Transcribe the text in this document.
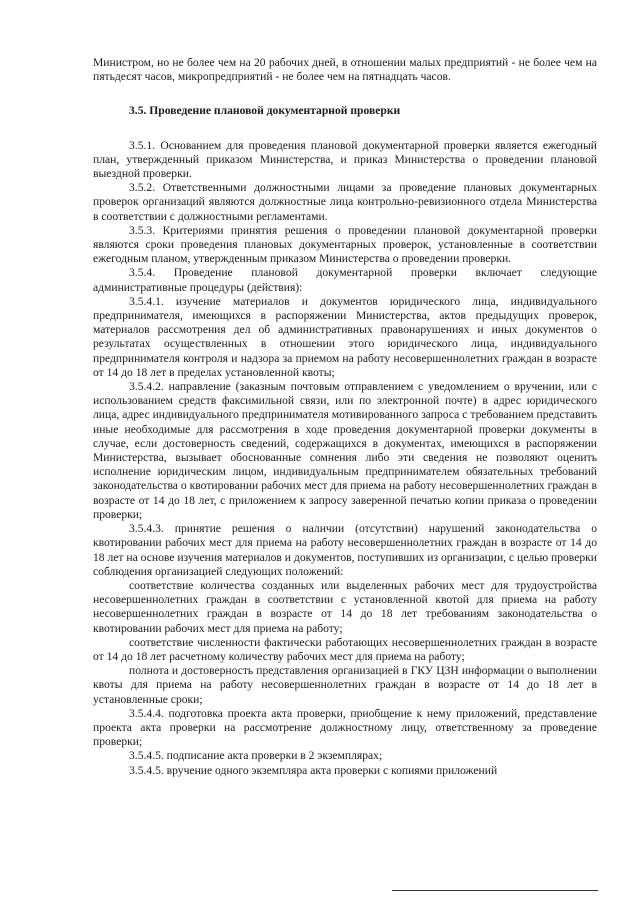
Министром, но не более чем на 20 рабочих дней, в отношении малых предприятий - не более чем на пятьдесят часов, микропредприятий - не более чем на пятнадцать часов.

3.5. Проведение плановой документарной проверки

3.5.1. Основанием для проведения плановой документарной проверки является ежегодный план, утвержденный приказом Министерства, и приказ Министерства о проведении плановой выездной проверки.

3.5.2. Ответственными должностными лицами за проведение плановых документарных проверок организаций являются должностные лица контрольно-ревизионного отдела Министерства в соответствии с должностными регламентами.

3.5.3. Критериями принятия решения о проведении плановой документарной проверки являются сроки проведения плановых документарных проверок, установленные в соответствии ежегодным планом, утвержденным приказом Министерства о проведении проверки.

3.5.4. Проведение плановой документарной проверки включает следующие административные процедуры (действия):

3.5.4.1. изучение материалов и документов юридического лица, индивидуального предпринимателя, имеющихся в распоряжении Министерства, актов предыдущих проверок, материалов рассмотрения дел об административных правонарушениях и иных документов о результатах осуществленных в отношении этого юридического лица, индивидуального предпринимателя контроля и надзора за приемом на работу несовершеннолетних граждан в возрасте от 14 до 18 лет в пределах установленной квоты;

3.5.4.2. направление (заказным почтовым отправлением с уведомлением о вручении, или с использованием средств факсимильной связи, или по электронной почте) в адрес юридического лица, адрес индивидуального предпринимателя мотивированного запроса с требованием представить иные необходимые для рассмотрения в ходе проведения документарной проверки документы в случае, если достоверность сведений, содержащихся в документах, имеющихся в распоряжении Министерства, вызывает обоснованные сомнения либо эти сведения не позволяют оценить исполнение юридическим лицом, индивидуальным предпринимателем обязательных требований законодательства о квотировании рабочих мест для приема на работу несовершеннолетних граждан в возрасте от 14 до 18 лет, с приложением к запросу заверенной печатью копии приказа о проведении проверки;

3.5.4.3. принятие решения о наличии (отсутствии) нарушений законодательства о квотировании рабочих мест для приема на работу несовершеннолетних граждан в возрасте от 14 до 18 лет на основе изучения материалов и документов, поступивших из организации, с целью проверки соблюдения организацией следующих положений:

соответствие количества созданных или выделенных рабочих мест для трудоустройства несовершеннолетних граждан в соответствии с установленной квотой для приема на работу несовершеннолетних граждан в возрасте от 14 до 18 лет требованиям законодательства о квотировании рабочих мест для приема на работу;

соответствие численности фактически работающих несовершеннолетних граждан в возрасте от 14 до 18 лет расчетному количеству рабочих мест для приема на работу;

полнота и достоверность представления организацией в ГКУ ЦЗН информации о выполнении квоты для приема на работу несовершеннолетних граждан в возрасте от 14 до 18 лет в установленные сроки;

3.5.4.4. подготовка проекта акта проверки, приобщение к нему приложений, представление проекта акта проверки на рассмотрение должностному лицу, ответственному за проведение проверки;

3.5.4.5. подписание акта проверки в 2 экземплярах;

3.5.4.5. вручение одного экземпляра акта проверки с копиями приложений
